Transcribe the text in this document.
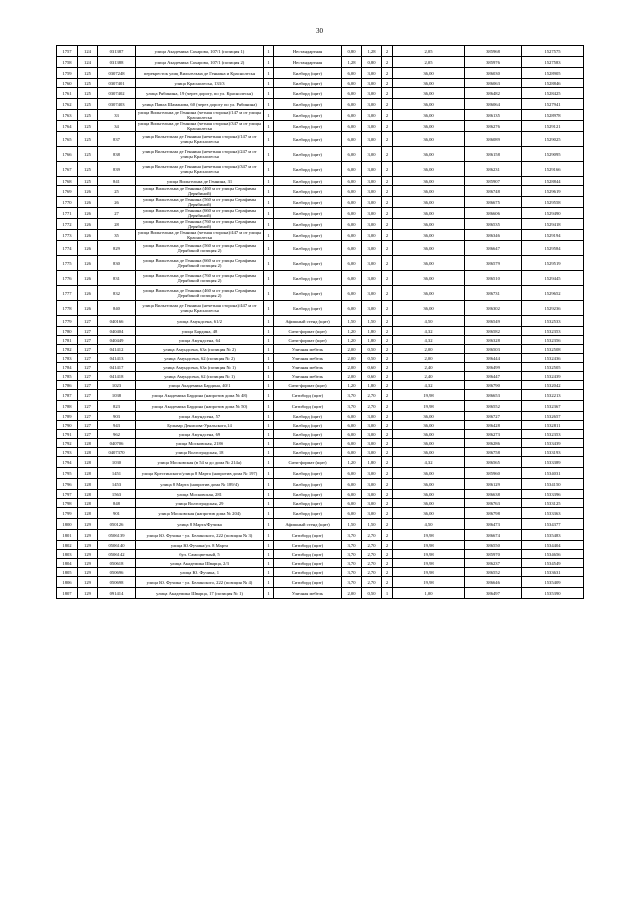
30
1757	124	031387	улица Академика Сахарова, 107/1 (позиция 1)	1	Нестандартная	0,80	1,28	2	2,05	385968	1527575
1758	124	031388	улица Академика Сахарова, 107/1 (позиция 2)	1	Нестандартная	1,28	0,80	2	2,05	385976	1527583
1759	125	0307248	перекресток улиц Вильгельма де Геннина и Краснолесья	1	Билборд (щит)	6,00	3,00	2	36,00	386030	1528905
1760	125	0307401	улица Краснолесья, 133/3	1	Билборд (щит)	6,00	3,00	2	36,00	386063	1528846
1761	125	0307402	улица Рябинина, 19 (через дорогу, по ул. Краснолесья)	1	Билборд (щит)	6,00	3,00	2	36,00	386482	1528425
1762	125	0307403	улица Павла Шаманова, 60 (через дорогу по ул. Рябинина)	1	Билборд (щит)	6,00	3,00	2	36,00	386064	1527941
1763	125	33	улица Вильгельма де Геннина (четная сторона)/147 м от улицы Краснолесья	1	Билборд (щит)	6,00	3,00	2	36,00	386135	1528978
1764	125	34	улица Вильгельма де Геннина (четная сторона)/347 м от улицы Краснолесья	1	Билборд (щит)	6,00	3,00	2	36,00	386276	1529121
1765	125	837	улица Вильгельма де Геннина (нечетная сторона)/147 м от улицы Краснолесья	1	Билборд (щит)	6,00	3,00	2	36,00	386089	1529025
1766	125	838	улица Вильгельма де Геннина (нечетная сторона)/247 м от улицы Краснолесья	1	Билборд (щит)	6,00	3,00	2	36,00	386158	1529095
1767	125	839	улица Вильгельма де Геннина (нечетная сторона)/347 м от улицы Краснолесья	1	Билборд (щит)	6,00	3,00	2	36,00	386231	1529166
1768	125	841	улица Вильгельма де Геннина, 31	1	Билборд (щит)	6,00	3,00	2	36,00	385907	1528844
1769	126	25	улица Вильгельма де Геннина (460 м от улицы Серафимы Дерябиной)	1	Билборд (щит)	6,00	3,00	2	36,00	386748	1529619
1770	126	26	улица Вильгельма де Геннина (560 м от улицы Серафимы Дерябиной)	1	Билборд (щит)	6,00	3,00	2	36,00	386675	1529558
1771	126	27	улица Вильгельма де Геннина (660 м от улицы Серафимы Дерябиной)	1	Билборд (щит)	6,00	3,00	2	36,00	386606	1529490
1772	126	28	улица Вильгельма де Геннина (760 м от улицы Серафимы Дерябиной)	1	Билборд (щит)	6,00	3,00	2	36,00	386535	1529418
1773	126	35	улица Вильгельма де Геннина (четная сторона)/447 м от улицы Краснолесья	1	Билборд (щит)	6,00	3,00	2	36,00	386346	1529194
1774	126	829	улица Вильгельма де Геннина (560 м от улицы Серафимы Дерябиной позиция 2)	1	Билборд (щит)	6,00	3,00	2	36,00	386647	1529584
1775	126	830	улица Вильгельма де Геннина (660 м от улицы Серафимы Дерябиной позиция 2)	1	Билборд (щит)	6,00	3,00	2	36,00	386579	1529519
1776	126	831	улица Вильгельма де Геннина (760 м от улицы Серафимы Дерябиной позиция 2)	1	Билборд (щит)	6,00	3,00	2	36,00	386510	1529445
1777	126	832	улица Вильгельма де Геннина (460 м от улицы Серафимы Дерябиной позиция 2)	1	Билборд (щит)	6,00	3,00	2	36,00	386731	1529652
1778	126	840	улица Вильгельма де Геннина (нечетная сторона)/447 м от улицы Краснолесья	1	Билборд (щит)	6,00	3,00	2	36,00	386302	1529236
1779	127	040166	улица Амундсена, 61/2	1	Афишный стенд (щит)	1,50	1,50	2	4,50	386549	1532533
1780	127	040404	улица Бардина, 48	1	Сити-формат (щит)	1,20	1,80	2	4,32	386582	1532353
1781	127	040449	улица Амундсена, 64	1	Сити-формат (щит)	1,20	1,80	2	4,32	386328	1532356
1782	127	041412	улица Амундсена, 63а (позиция № 2)	1	Уличная мебель	2,00	0,50	2	2,00	386503	1532508
1783	127	041413	улица Амундсена, 62 (позиция № 2)	1	Уличная мебель	2,00	0,50	2	2,00	386444	1532436
1784	127	041417	улица Амундсена, 63а (позиция № 1)	1	Уличная мебель	2,00	0,60	2	2,40	386499	1532505
1785	127	041418	улица Амундсена, 62 (позиция № 1)	1	Уличная мебель	2,00	0,60	2	2,40	386447	1532439
1786	127	1023	улица Академика Бардина, 40/1	1	Сити-формат (щит)	1,20	1,80	2	4,32	386790	1532042
1787	127	1038	улица Академика Бардина (напротив дома № 48)	1	Ситиборд (щит)	3,70	2,70	2	19,98	386653	1532213
1788	127	823	улица Академика Бардина (напротив дома № 50)	1	Ситиборд (щит)	3,70	2,70	2	19,98	386552	1532367
1789	127	903	улица Амундсена, 57	1	Билборд (щит)	6,00	3,00	2	36,00	386727	1532657
1790	127	943	Бульвар Денисова-Уральского,14	1	Билборд (щит)	6,00	3,00	2	36,00	386428	1532811
1791	127	962	улица Амундсена, 69	1	Билборд (щит)	6,00	3,00	2	36,00	386273	1532353
1792	128	040706	улица Московская, 218б	1	Билборд (щит)	6,00	3,00	2	36,00	386286	1533439
1793	128	0407370	улица Волгоградская, 18	1	Билборд (щит)	6,00	3,00	2	36,00	386758	1533193
1794	128	1030	улица Московская (в 54 м до дома № 214а)	1	Сити-формат (щит)	1,20	1,80	2	4,32	386565	1533389
1795	128	1451	улица Крестинского/улица 8 Марта (напротив дома № 197)	1	Билборд (щит)	6,00	3,00	2	36,00	385960	1534031
1796	128	1453	улица 8 Марта (напротив дома № 189/4)	1	Билборд (щит)	6,00	3,00	2	36,00	386129	1534150
1797	128	1563	улица Московская, 281	1	Билборд (щит)	6,00	3,00	2	36,00	386638	1533396
1798	128	848	улица Волгоградская, 29	1	Билборд (щит)	6,00	3,00	2	36,00	386763	1533125
1799	128	901	улица Московская (напротив дома № 204)	1	Билборд (щит)	6,00	3,00	2	36,00	386798	1533363
1800	129	050126	улица 8 Марта/Фучика	1	Афишный стенд (щит)	1,50	1,50	2	4,50	386473	1534377
1801	129	0506139	улица Ю. Фучика - ул. Белинского, 222 (позиция № 3)	1	Ситиборд (щит)	3,70	2,70	2	19,98	386674	1535483
1802	129	0506140	улица Ю.Фучика/ул. 8 Марта	1	Ситиборд (щит)	3,70	2,70	2	19,98	386550	1534404
1803	129	0506142	бул. Самоцветный, 5	1	Ситиборд (щит)	3,70	2,70	2	19,98	385970	1534656
1804	129	050618	улица Академика Шварца, 2/3	1	Ситиборд (щит)	3,70	2,70	2	19,98	386237	1534549
1805	129	050696	улица Ю. Фучика, 1	1	Ситиборд (щит)	3,70	2,70	2	19,98	386552	1533631
1806	129	050698	улица Ю. Фучика - ул. Белинского, 222 (позиция № 4)	1	Ситиборд (щит)	3,70	2,70	2	19,98	386646	1535409
1807	129	091414	улица Академика Шварца, 17 (позиция № 1)	1	Уличная мебель	2,00	0,50	1	1,00	386497	1535390
